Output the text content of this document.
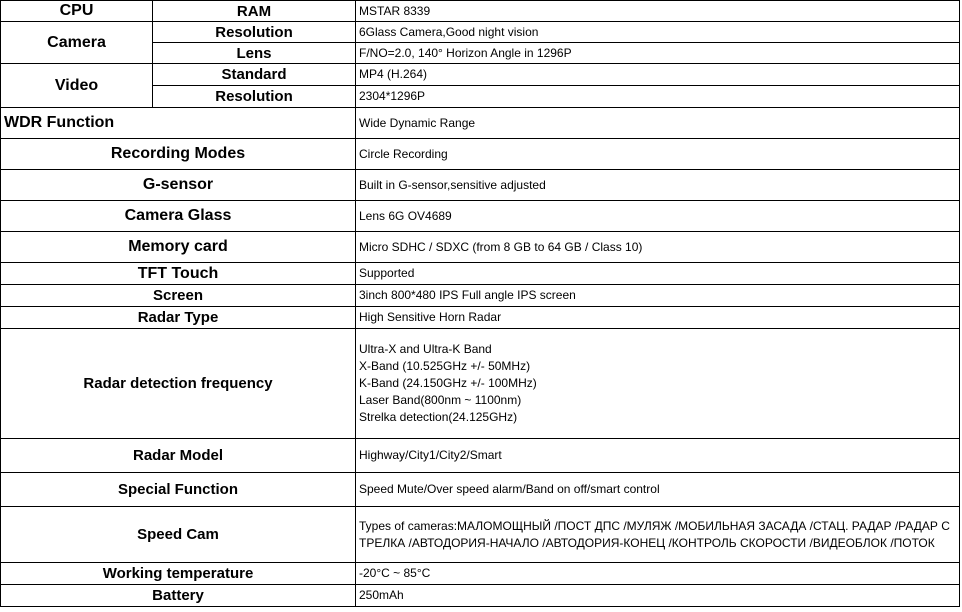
CPU	RAM	MSTAR 8339
Camera	Resolution	6Glass Camera,Good night vision
	Lens	F/NO=2.0, 140° Horizon Angle in 1296P
Video	Standard	MP4 (H.264)
	Resolution	2304*1296P
WDR Function		Wide Dynamic Range
Recording Modes		Circle Recording
G-sensor		Built in G-sensor,sensitive adjusted
Camera Glass		Lens 6G OV4689
Memory card		Micro SDHC / SDXC (from 8 GB to 64 GB / Class 10)
TFT Touch		Supported
Screen		3inch 800*480 IPS Full angle IPS screen
Radar Type		High Sensitive Horn Radar
Radar detection frequency		Ultra-X and Ultra-K Band
X-Band (10.525GHz +/- 50MHz)
K-Band (24.150GHz +/- 100MHz)
Laser Band(800nm ~ 1100nm)
Strelka detection(24.125GHz)

Radar Model		Highway/City1/City2/Smart
Special Function		Speed Mute/Over speed alarm/Band on off/smart control
Speed Cam		Types of cameras:МАЛОМОЩНЫЙ /ПОСТ ДПС /МУЛЯЖ /МОБИЛЬНАЯ ЗАСАДА /СТАЦ. РАДАР /РАДАР СТРЕЛКА /АВТОДОРИЯ-НАЧАЛО /АВТОДОРИЯ-КОНЕЦ /КОНТРОЛЬ СКОРОСТИ /ВИДЕОБЛОК /ПОТОК
Working temperature		-20°C ~ 85°C
Battery		250mAh
